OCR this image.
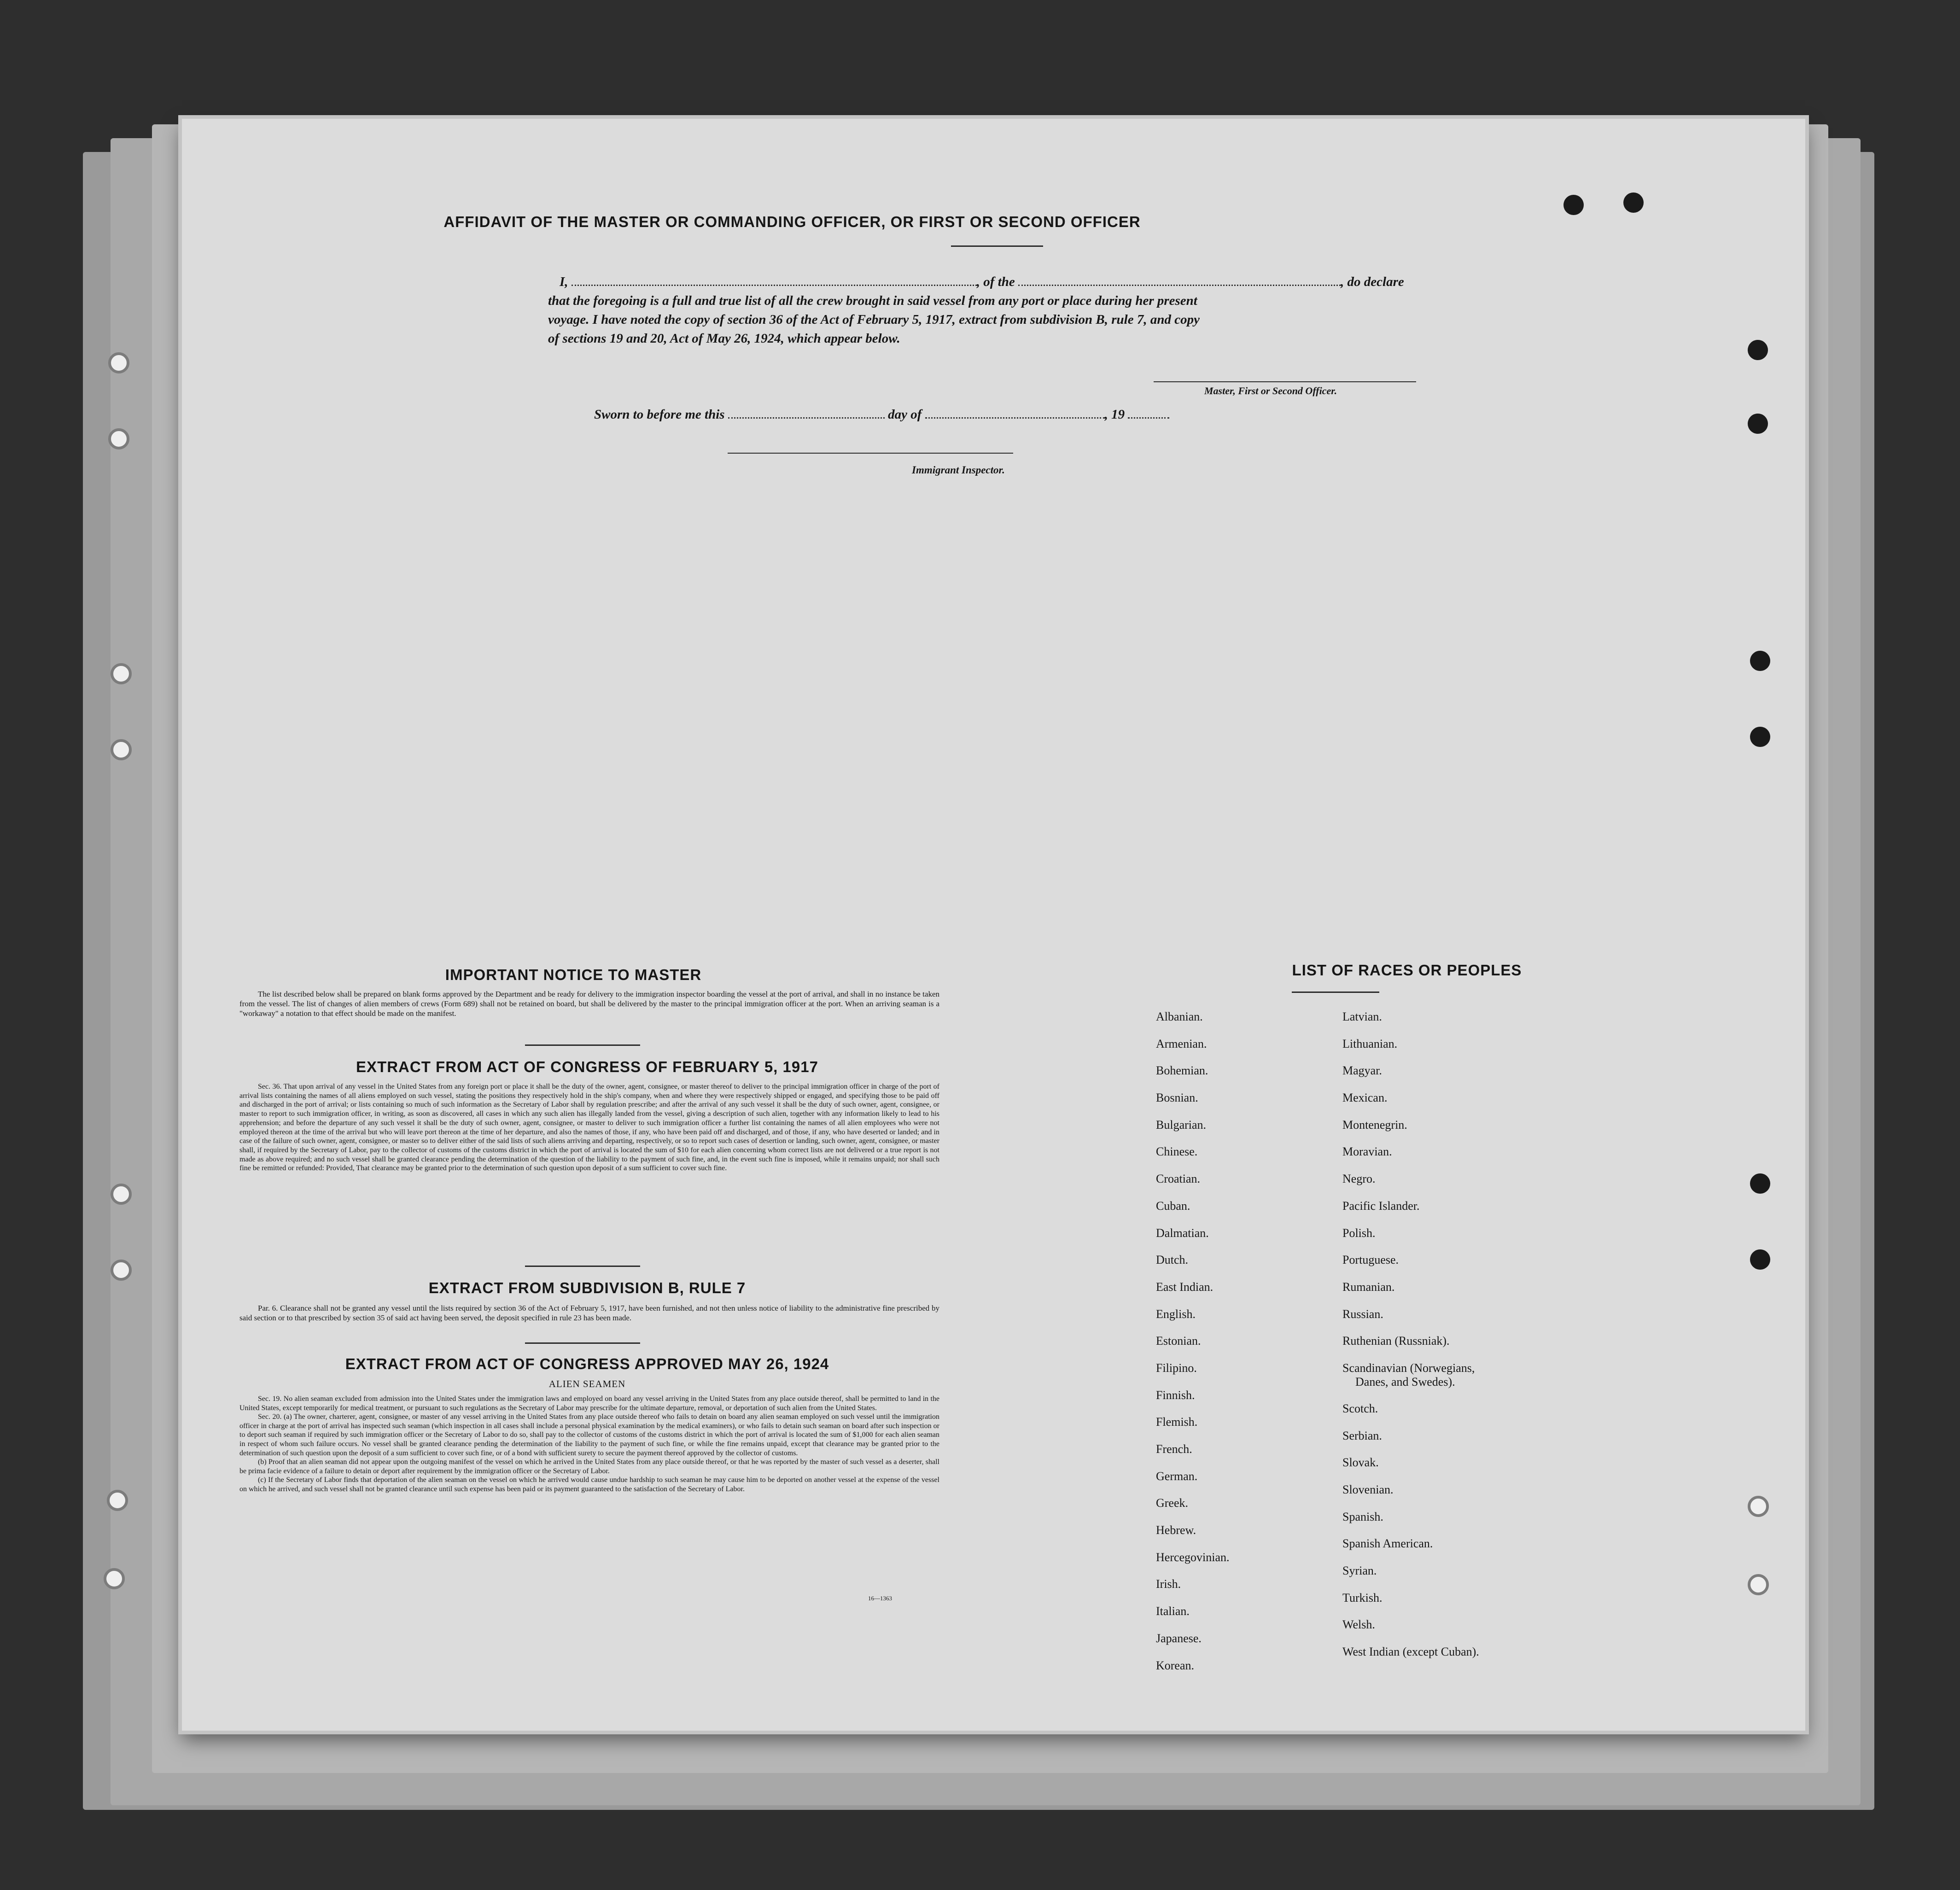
AFFIDAVIT OF THE MASTER OR COMMANDING OFFICER, OR FIRST OR SECOND OFFICER
I,	, of the	, do declare
that the foregoing is a full and true list of all the crew brought in said vessel from any port or place during her present
voyage. I have noted the copy of section 36 of the Act of February 5, 1917, extract from subdivision B, rule 7, and copy
of sections 19 and 20, Act of May 26, 1924, which appear below.
Master, First or Second Officer.
Sworn to before me this	day of	, 19
Immigrant Inspector.
IMPORTANT NOTICE TO MASTER

The list described below shall be prepared on blank forms approved by the Department and be ready for delivery to the immigration inspector boarding the vessel at the port of arrival, and shall in no instance be taken from the vessel. The list of changes of alien members of crews (Form 689) shall not be retained on board, but shall be delivered by the master to the principal immigration officer at the port. When an arriving seaman is a "workaway" a notation to that effect should be made on the manifest.

EXTRACT FROM ACT OF CONGRESS OF FEBRUARY 5, 1917

Sec. 36. That upon arrival of any vessel in the United States from any foreign port or place it shall be the duty of the owner, agent, consignee, or master thereof to deliver to the principal immigration officer in charge of the port of arrival lists containing the names of all aliens employed on such vessel, stating the positions they respectively hold in the ship's company, when and where they were respectively shipped or engaged, and specifying those to be paid off and discharged in the port of arrival; or lists containing so much of such information as the Secretary of Labor shall by regulation prescribe; and after the arrival of any such vessel it shall be the duty of such owner, agent, consignee, or master to report to such immigration officer, in writing, as soon as discovered, all cases in which any such alien has illegally landed from the vessel, giving a description of such alien, together with any information likely to lead to his apprehension; and before the departure of any such vessel it shall be the duty of such owner, agent, consignee, or master to deliver to such immigration officer a further list containing the names of all alien employees who were not employed thereon at the time of the arrival but who will leave port thereon at the time of her departure, and also the names of those, if any, who have been paid off and discharged, and of those, if any, who have deserted or landed; and in case of the failure of such owner, agent, consignee, or master so to deliver either of the said lists of such aliens arriving and departing, respectively, or so to report such cases of desertion or landing, such owner, agent, consignee, or master shall, if required by the Secretary of Labor, pay to the collector of customs of the customs district in which the port of arrival is located the sum of $10 for each alien concerning whom correct lists are not delivered or a true report is not made as above required; and no such vessel shall be granted clearance pending the determination of the question of the liability to the payment of such fine, and, in the event such fine is imposed, while it remains unpaid; nor shall such fine be remitted or refunded: Provided, That clearance may be granted prior to the determination of such question upon deposit of a sum sufficient to cover such fine.

EXTRACT FROM SUBDIVISION B, RULE 7

Par. 6. Clearance shall not be granted any vessel until the lists required by section 36 of the Act of February 5, 1917, have been furnished, and not then unless notice of liability to the administrative fine prescribed by said section or to that prescribed by section 35 of said act having been served, the deposit specified in rule 23 has been made.

EXTRACT FROM ACT OF CONGRESS APPROVED MAY 26, 1924
ALIEN SEAMEN

Sec. 19. No alien seaman excluded from admission into the United States under the immigration laws and employed on board any vessel arriving in the United States from any place outside thereof, shall be permitted to land in the United States, except temporarily for medical treatment, or pursuant to such regulations as the Secretary of Labor may prescribe for the ultimate departure, removal, or deportation of such alien from the United States.

Sec. 20. (a) The owner, charterer, agent, consignee, or master of any vessel arriving in the United States from any place outside thereof who fails to detain on board any alien seaman employed on such vessel until the immigration officer in charge at the port of arrival has inspected such seaman (which inspection in all cases shall include a personal physical examination by the medical examiners), or who fails to detain such seaman on board after such inspection or to deport such seaman if required by such immigration officer or the Secretary of Labor to do so, shall pay to the collector of customs of the customs district in which the port of arrival is located the sum of $1,000 for each alien seaman in respect of whom such failure occurs. No vessel shall be granted clearance pending the determination of the liability to the payment of such fine, or while the fine remains unpaid, except that clearance may be granted prior to the determination of such question upon the deposit of a sum sufficient to cover such fine, or of a bond with sufficient surety to secure the payment thereof approved by the collector of customs.

(b) Proof that an alien seaman did not appear upon the outgoing manifest of the vessel on which he arrived in the United States from any place outside thereof, or that he was reported by the master of such vessel as a deserter, shall be prima facie evidence of a failure to detain or deport after requirement by the immigration officer or the Secretary of Labor.

(c) If the Secretary of Labor finds that deportation of the alien seaman on the vessel on which he arrived would cause undue hardship to such seaman he may cause him to be deported on another vessel at the expense of the vessel on which he arrived, and such vessel shall not be granted clearance until such expense has been paid or its payment guaranteed to the satisfaction of the Secretary of Labor.

16—1363
LIST OF RACES OR PEOPLES
Albanian.
Armenian.
Bohemian.
Bosnian.
Bulgarian.
Chinese.
Croatian.
Cuban.
Dalmatian.
Dutch.
East Indian.
English.
Estonian.
Filipino.
Finnish.
Flemish.
French.
German.
Greek.
Hebrew.
Hercegovinian.
Irish.
Italian.
Japanese.
Korean.
Latvian.
Lithuanian.
Magyar.
Mexican.
Montenegrin.
Moravian.
Negro.
Pacific Islander.
Polish.
Portuguese.
Rumanian.
Russian.
Ruthenian (Russniak).
Scandinavian (Norwegians,
Danes, and Swedes).
Scotch.
Serbian.
Slovak.
Slovenian.
Spanish.
Spanish American.
Syrian.
Turkish.
Welsh.
West Indian (except Cuban).
